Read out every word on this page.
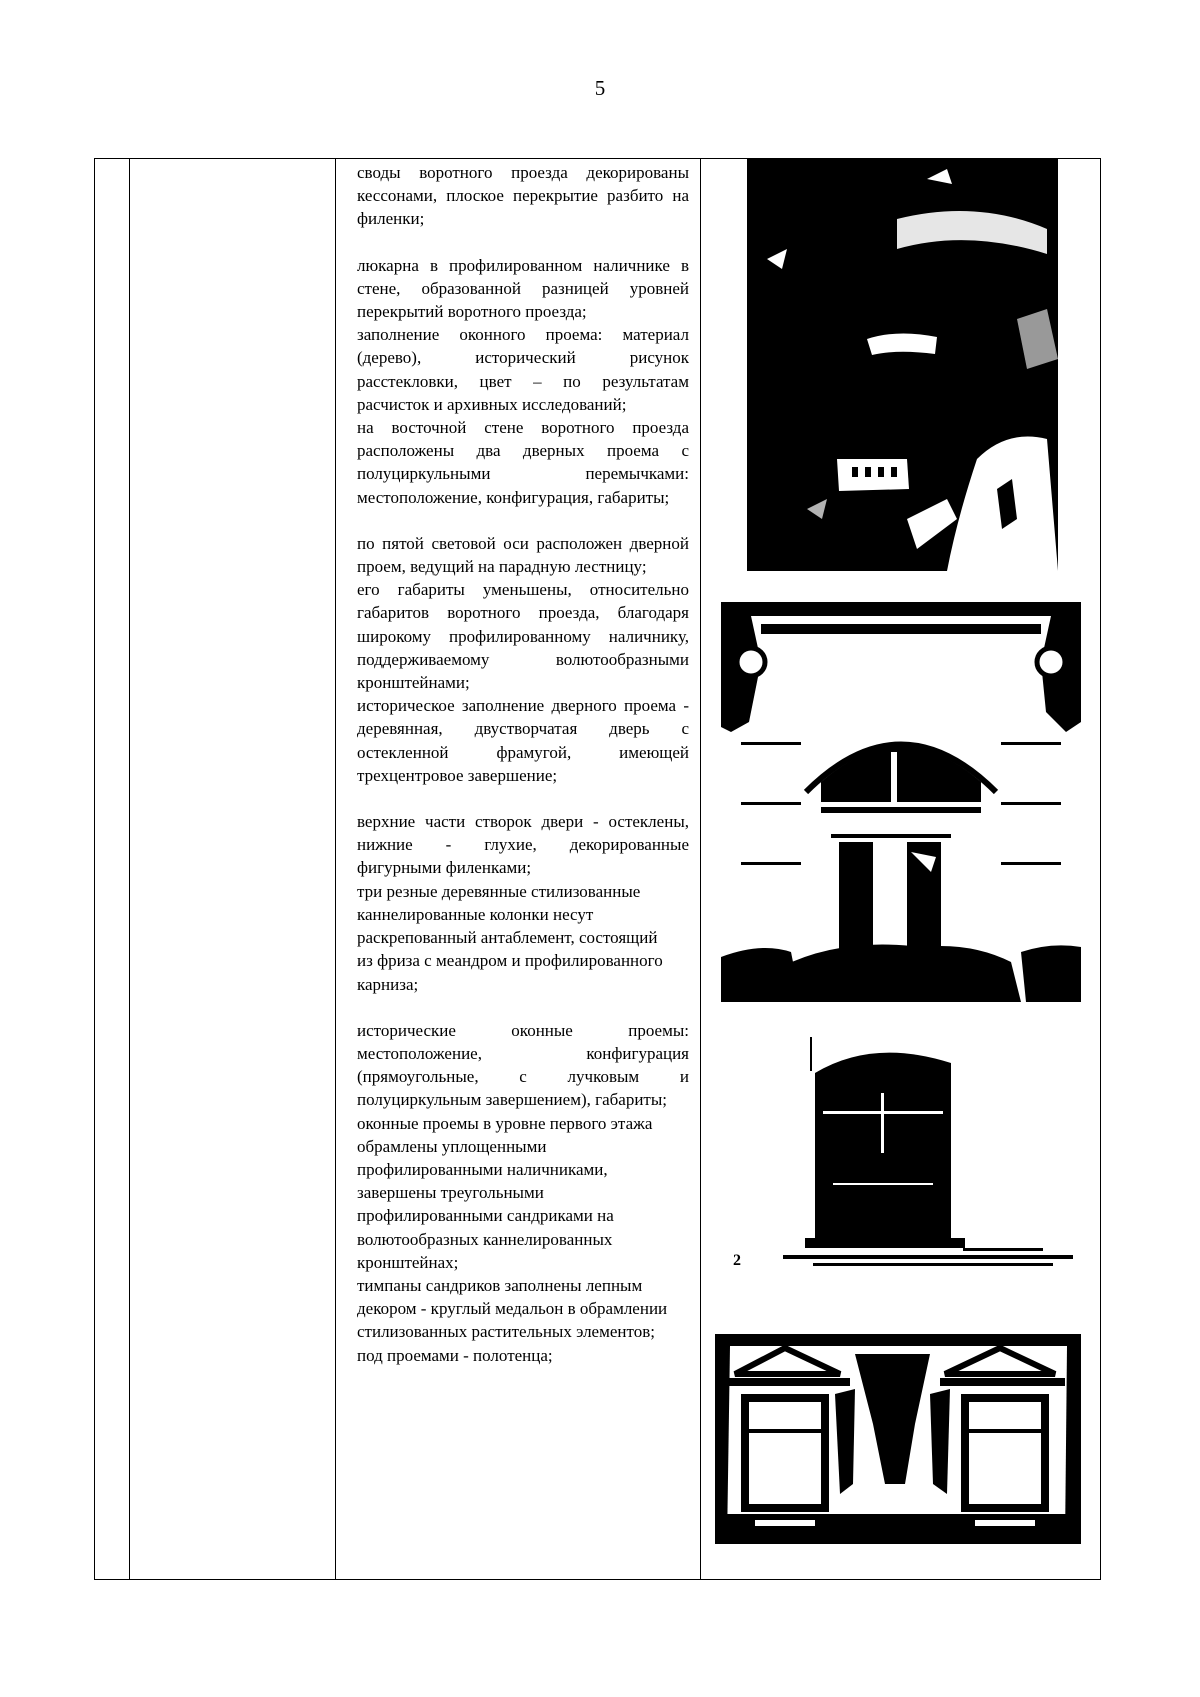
5

своды воротного проезда декорированы кессонами, плоское перекрытие разбито на филенки;

люкарна в профилированном наличнике в стене, образованной разницей уровней перекрытий воротного проезда;

заполнение оконного проема: материал (дерево), исторический рисунок расстекловки, цвет – по результатам расчисток и архивных исследований;

на восточной стене воротного проезда расположены два дверных проема с полуциркульными перемычками: местоположение, конфигурация, габариты;

по пятой световой оси расположен дверной проем, ведущий на парадную лестницу;

его габариты уменьшены, относительно габаритов воротного проезда, благодаря широкому профилированному наличнику, поддерживаемому волютообразными кронштейнами;

историческое заполнение дверного проема - деревянная, двустворчатая дверь с остекленной фрамугой, имеющей трехцентровое завершение;

верхние части створок двери - остеклены, нижние - глухие, декорированные фигурными филенками;

три резные деревянные стилизованные каннелированные колонки несут раскрепованный антаблемент, состоящий из фриза с меандром и профилированного карниза;

исторические оконные проемы: местоположение, конфигурация (прямоугольные, с лучковым и полуциркульным завершением), габариты;

оконные проемы в уровне первого этажа обрамлены уплощенными профилированными наличниками, завершены треугольными профилированными сандриками на волютообразных каннелированных кронштейнах;

тимпаны сандриков заполнены лепным декором - круглый медальон в обрамлении стилизованных растительных элементов;

под проемами - полотенца;

2
